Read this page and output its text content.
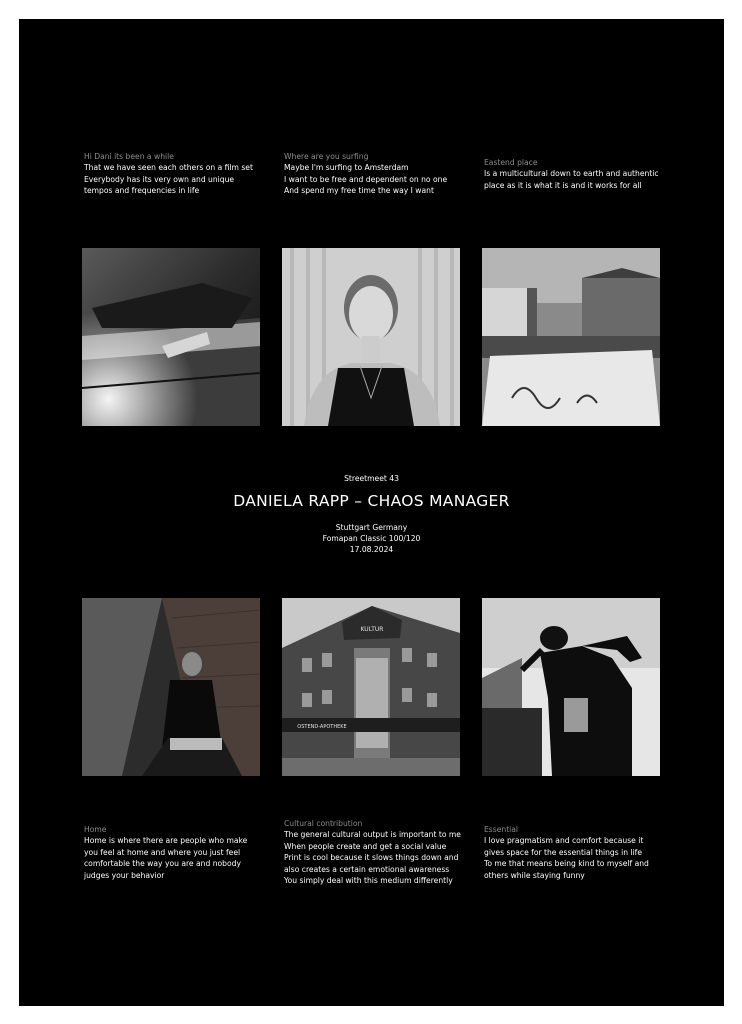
Hi Dani its been a while
That we have seen each others on a film set
Everybody has its very own and unique
tempos and frequencies in life
Where are you surfing
Maybe I'm surfing to Amsterdam
I want to be free and dependent on no one
And spend my free time the way I want
Eastend place
Is a multicultural down to earth and authentic
place as it is what it is and it works for all
Streetmeet 43
DANIELA RAPP – CHAOS MANAGER
Stuttgart Germany
Fomapan Classic 100/120
17.08.2024
KULTUR
OSTEND-APOTHEKE
Home
Home is where there are people who make
you feel at home and where you just feel
comfortable the way you are and nobody
judges your behavior
Cultural contribution
The general cultural output is important to me
When people create and get a social value
Print is cool because it slows things down and
also creates a certain emotional awareness
You simply deal with this medium differently
Essential
I love pragmatism and comfort because it
gives space for the essential things in life
To me that means being kind to myself and
others while staying funny
